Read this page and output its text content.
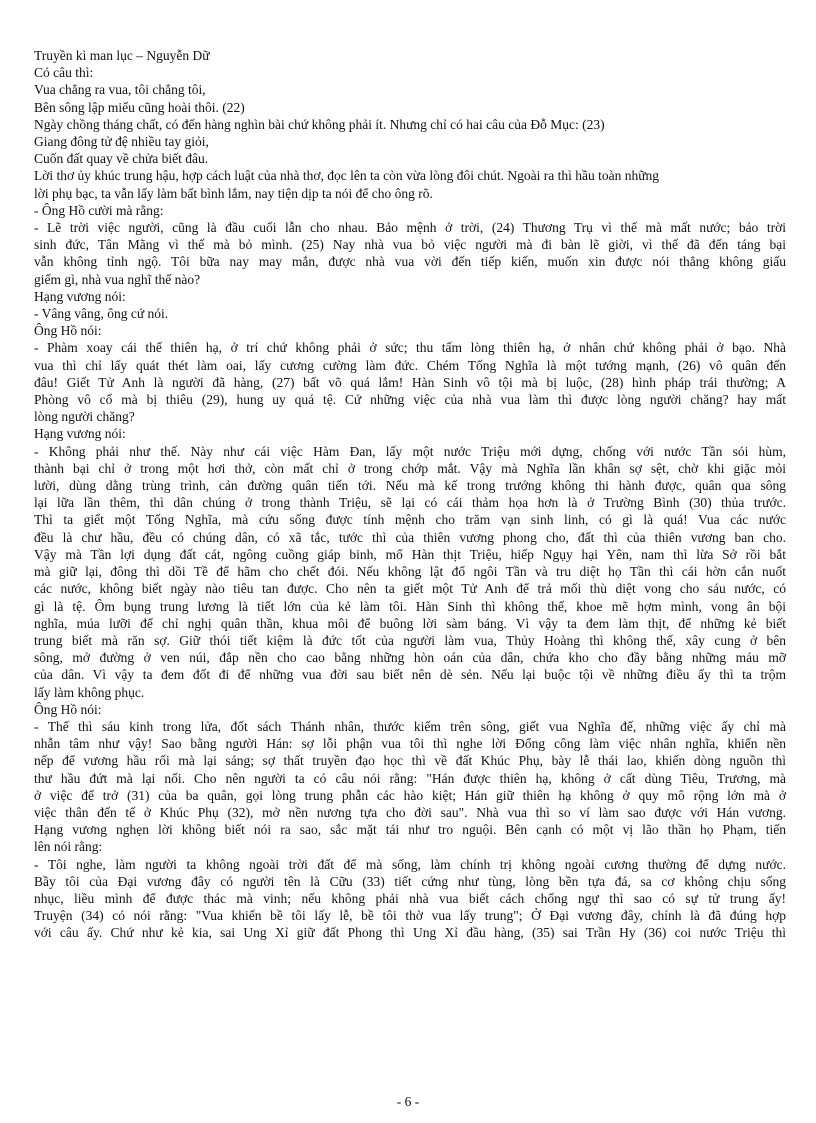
Truyền kì man lục – Nguyễn Dữ
Có câu thì:
Vua chẳng ra vua, tôi chẳng tôi,
Bên sông lập miếu cũng hoài thôi. (22)
Ngày chồng tháng chất, có đến hàng nghìn bài chứ không phải ít. Nhưng chỉ có hai câu của Đỗ Mục: (23)
Giang đông tử đệ nhiều tay giỏi,
Cuốn đất quay về chửa biết đâu.
Lời thơ ủy khúc trung hậu, hợp cách luật của nhà thơ, đọc lên ta còn vừa lòng đôi chút. Ngoài ra thì hầu toàn những
lời phụ bạc, ta vẫn lấy làm bất bình lắm, nay tiện dịp ta nói để cho ông rõ.
- Ông Hồ cười mà rằng:
- Lẽ trời việc người, cũng là đầu cuối lẫn cho nhau. Bảo mệnh ở trời, (24) Thương Trụ vì thế mà mất nước; bảo trời
sinh đức, Tân Mãng vì thế mà bỏ mình. (25) Nay nhà vua bỏ việc người mà đi bàn lẽ giời, vì thế đã đến táng bại
vẫn không tỉnh ngộ. Tôi bữa nay may mắn, được nhà vua vời đến tiếp kiến, muốn xin được nói thẳng không giấu
giếm gì, nhà vua nghĩ thế nào?
Hạng vương nói:
- Vâng vâng, ông cứ nói.
Ông Hồ nói:
- Phàm xoay cái thế thiên hạ, ở trí chứ không phải ở sức; thu tấm lòng thiên hạ, ở nhân chứ không phải ở bạo. Nhà
vua thì chỉ lấy quát thét làm oai, lấy cương cường làm đức. Chém Tống Nghĩa là một tướng mạnh, (26) vô quân đến
đâu! Giết Tử Anh là người đã hàng, (27) bất võ quá lắm! Hàn Sinh vô tội mà bị luộc, (28) hình pháp trái thường; A
Phòng vô cố mà bị thiêu (29), hung uy quá tệ. Cứ những việc của nhà vua làm thì được lòng người chăng? hay mất
lòng người chăng?
Hạng vương nói:
- Không phải như thế. Này như cái việc Hàm Đan, lấy một nước Triệu mới dựng, chống với nước Tần sói hùm,
thành bại chỉ ở trong một hơi thở, còn mất chỉ ở trong chớp mắt. Vậy mà Nghĩa lần khân sợ sệt, chờ khi giặc mỏi
lười, dùng dằng trùng trình, cản đường quân tiến tới. Nếu mà kế trong trướng không thi hành được, quân qua sông
lại lữa lần thêm, thì dân chúng ở trong thành Triệu, sẽ lại có cái thảm họa hơn là ở Trường Bình (30) thủa trước.
Thì ta giết một Tống Nghĩa, mà cứu sống được tính mệnh cho trăm vạn sinh linh, có gì là quá! Vua các nước
đều là chư hầu, đều có chúng dân, có xã tắc, tước thì của thiên vương phong cho, đất thì của thiên vương ban cho.
Vậy mà Tần lợi dụng đất cát, ngông cuồng giáp binh, mổ Hàn thịt Triệu, hiếp Ngụy hại Yên, nam thì lừa Sở rồi bắt
mà giữ lại, đông thì dồi Tề để hãm cho chết đói. Nếu không lật đổ ngôi Tần và tru diệt họ Tần thì cái hờn cắn nuốt
các nước, không biết ngày nào tiêu tan được. Cho nên ta giết một Tử Anh để trả mối thù diệt vong cho sáu nước, có
gì là tệ. Ôm bụng trung lương là tiết lớn của kẻ làm tôi. Hàn Sinh thì không thế, khoe mẽ hợm mình, vong ân bội
nghĩa, múa lưỡi để chỉ nghị quân thần, khua môi để buông lời sàm báng. Vì vậy ta đem làm thịt, để những kẻ biết
trung biết mà răn sợ. Giữ thói tiết kiệm là đức tốt của người làm vua, Thủy Hoàng thì không thế, xây cung ở bên
sông, mở đường ở ven núi, đắp nền cho cao bằng những hòn oán của dân, chứa kho cho đầy bằng những máu mỡ
của dân. Vì vậy ta đem đốt đi để những vua đời sau biết nên dè sẻn. Nếu lại buộc tội về những điều ấy thì ta trộm
lấy làm không phục.
Ông Hồ nói:
- Thế thì sáu kinh trong lửa, đốt sách Thánh nhân, thước kiếm trên sông, giết vua Nghĩa đế, những việc ấy chỉ mà
nhẫn tâm như vậy! Sao bằng người Hán: sợ lỗi phận vua tôi thì nghe lời Đổng công làm việc nhân nghĩa, khiến nền
nếp để vương hầu rối mà lại sáng; sợ thất truyền đạo học thì về đất Khúc Phụ, bày lễ thái lao, khiến dòng nguồn thì
thư hầu đứt mà lại nối. Cho nên người ta có câu nói rằng: "Hán được thiên hạ, không ở cất dùng Tiêu, Trương, mà
ở việc để trở (31) của ba quân, gọi lòng trung phẫn các hào kiệt; Hán giữ thiên hạ không ở quy mô rộng lớn mà ở
việc thân đến tế ở Khúc Phụ (32), mở nền nương tựa cho đời sau". Nhà vua thì so ví làm sao được với Hán vương.
Hạng vương nghẹn lời không biết nói ra sao, sắc mặt tái như tro nguội. Bên cạnh có một vị lão thần họ Phạm, tiến
lên nói rằng:
- Tôi nghe, làm người ta không ngoài trời đất để mà sống, làm chính trị không ngoài cương thường để dựng nước.
Bầy tôi của Đại vương đây có người tên là Cữu (33) tiết cứng như tùng, lòng bền tựa đá, sa cơ không chịu sống
nhục, liều mình để được thác mà vinh; nếu không phải nhà vua biết cách chống ngự thì sao có sự tử trung ấy!
Truyện (34) có nói rằng: "Vua khiến bề tôi lấy lễ, bề tôi thờ vua lấy trung"; Ở Đại vương đây, chính là đã đúng hợp
với câu ấy. Chứ như kẻ kia, sai Ung Xỉ giữ đất Phong thì Ung Xỉ đầu hàng, (35) sai Trần Hy (36) coi nước Triệu thì
- 6 -
